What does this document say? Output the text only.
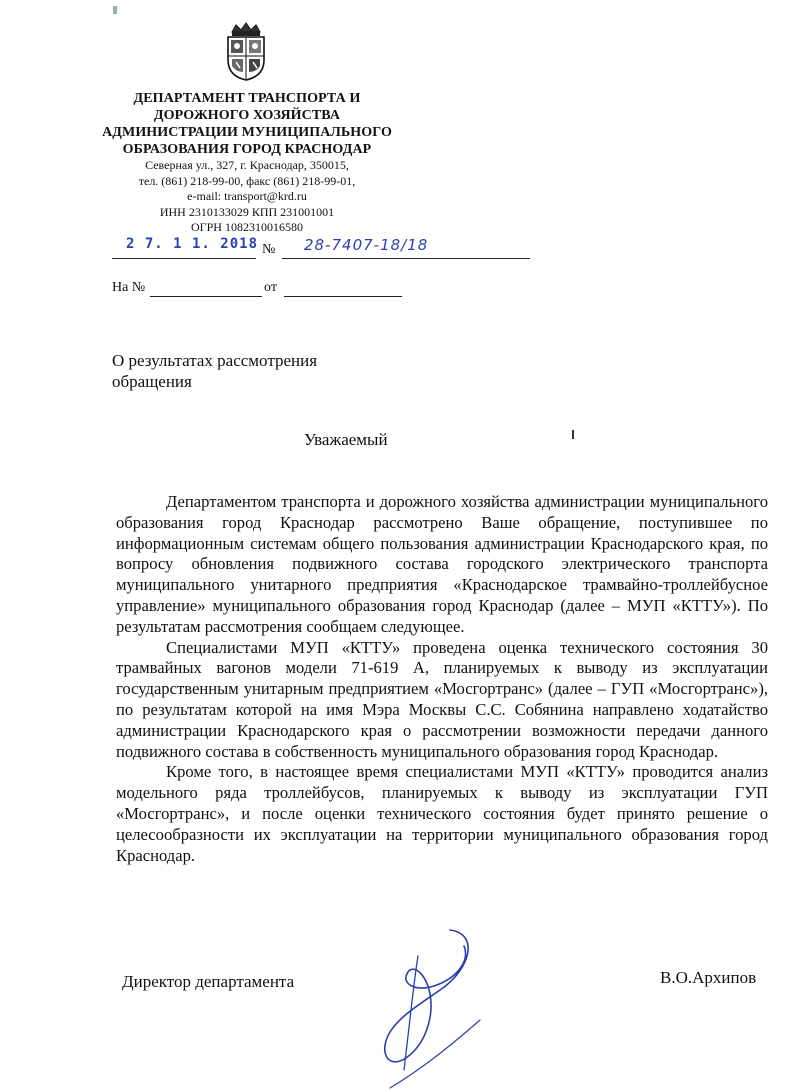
ДЕПАРТАМЕНТ ТРАНСПОРТА И
ДОРОЖНОГО ХОЗЯЙСТВА
АДМИНИСТРАЦИИ МУНИЦИПАЛЬНОГО
ОБРАЗОВАНИЯ ГОРОД КРАСНОДАР
Северная ул., 327, г. Краснодар, 350015,
тел. (861) 218-99-00, факс (861) 218-99-01,
e-mail: transport@krd.ru
ИНН 2310133029 КПП 231001001
ОГРН 1082310016580
2 7. 1 1. 2018 № 28-7407-18/18
На №	от
О результатах рассмотрения
обращения
Уважаемый

Департаментом транспорта и дорожного хозяйства администрации муниципального образования город Краснодар рассмотрено Ваше обращение, поступившее по информационным системам общего пользования администрации Краснодарского края, по вопросу обновления подвижного состава городского электрического транспорта муниципального унитарного предприятия «Краснодарское трамвайно-троллейбусное управление» муниципального образования город Краснодар (далее – МУП «КТТУ»). По результатам рассмотрения сообщаем следующее.

Специалистами МУП «КТТУ» проведена оценка технического состояния 30 трамвайных вагонов модели 71-619 А, планируемых к выводу из эксплуатации государственным унитарным предприятием «Мосгортранс» (далее – ГУП «Мосгортранс»), по результатам которой на имя Мэра Москвы С.С. Собянина направлено ходатайство администрации Краснодарского края о рассмотрении возможности передачи данного подвижного состава в собственность муниципального образования город Краснодар.

Кроме того, в настоящее время специалистами МУП «КТТУ» проводится анализ модельного ряда троллейбусов, планируемых к выводу из эксплуатации ГУП «Мосгортранс», и после оценки технического состояния будет принято решение о целесообразности их эксплуатации на территории муниципального образования город Краснодар.

Директор департамента	В.О.Архипов
